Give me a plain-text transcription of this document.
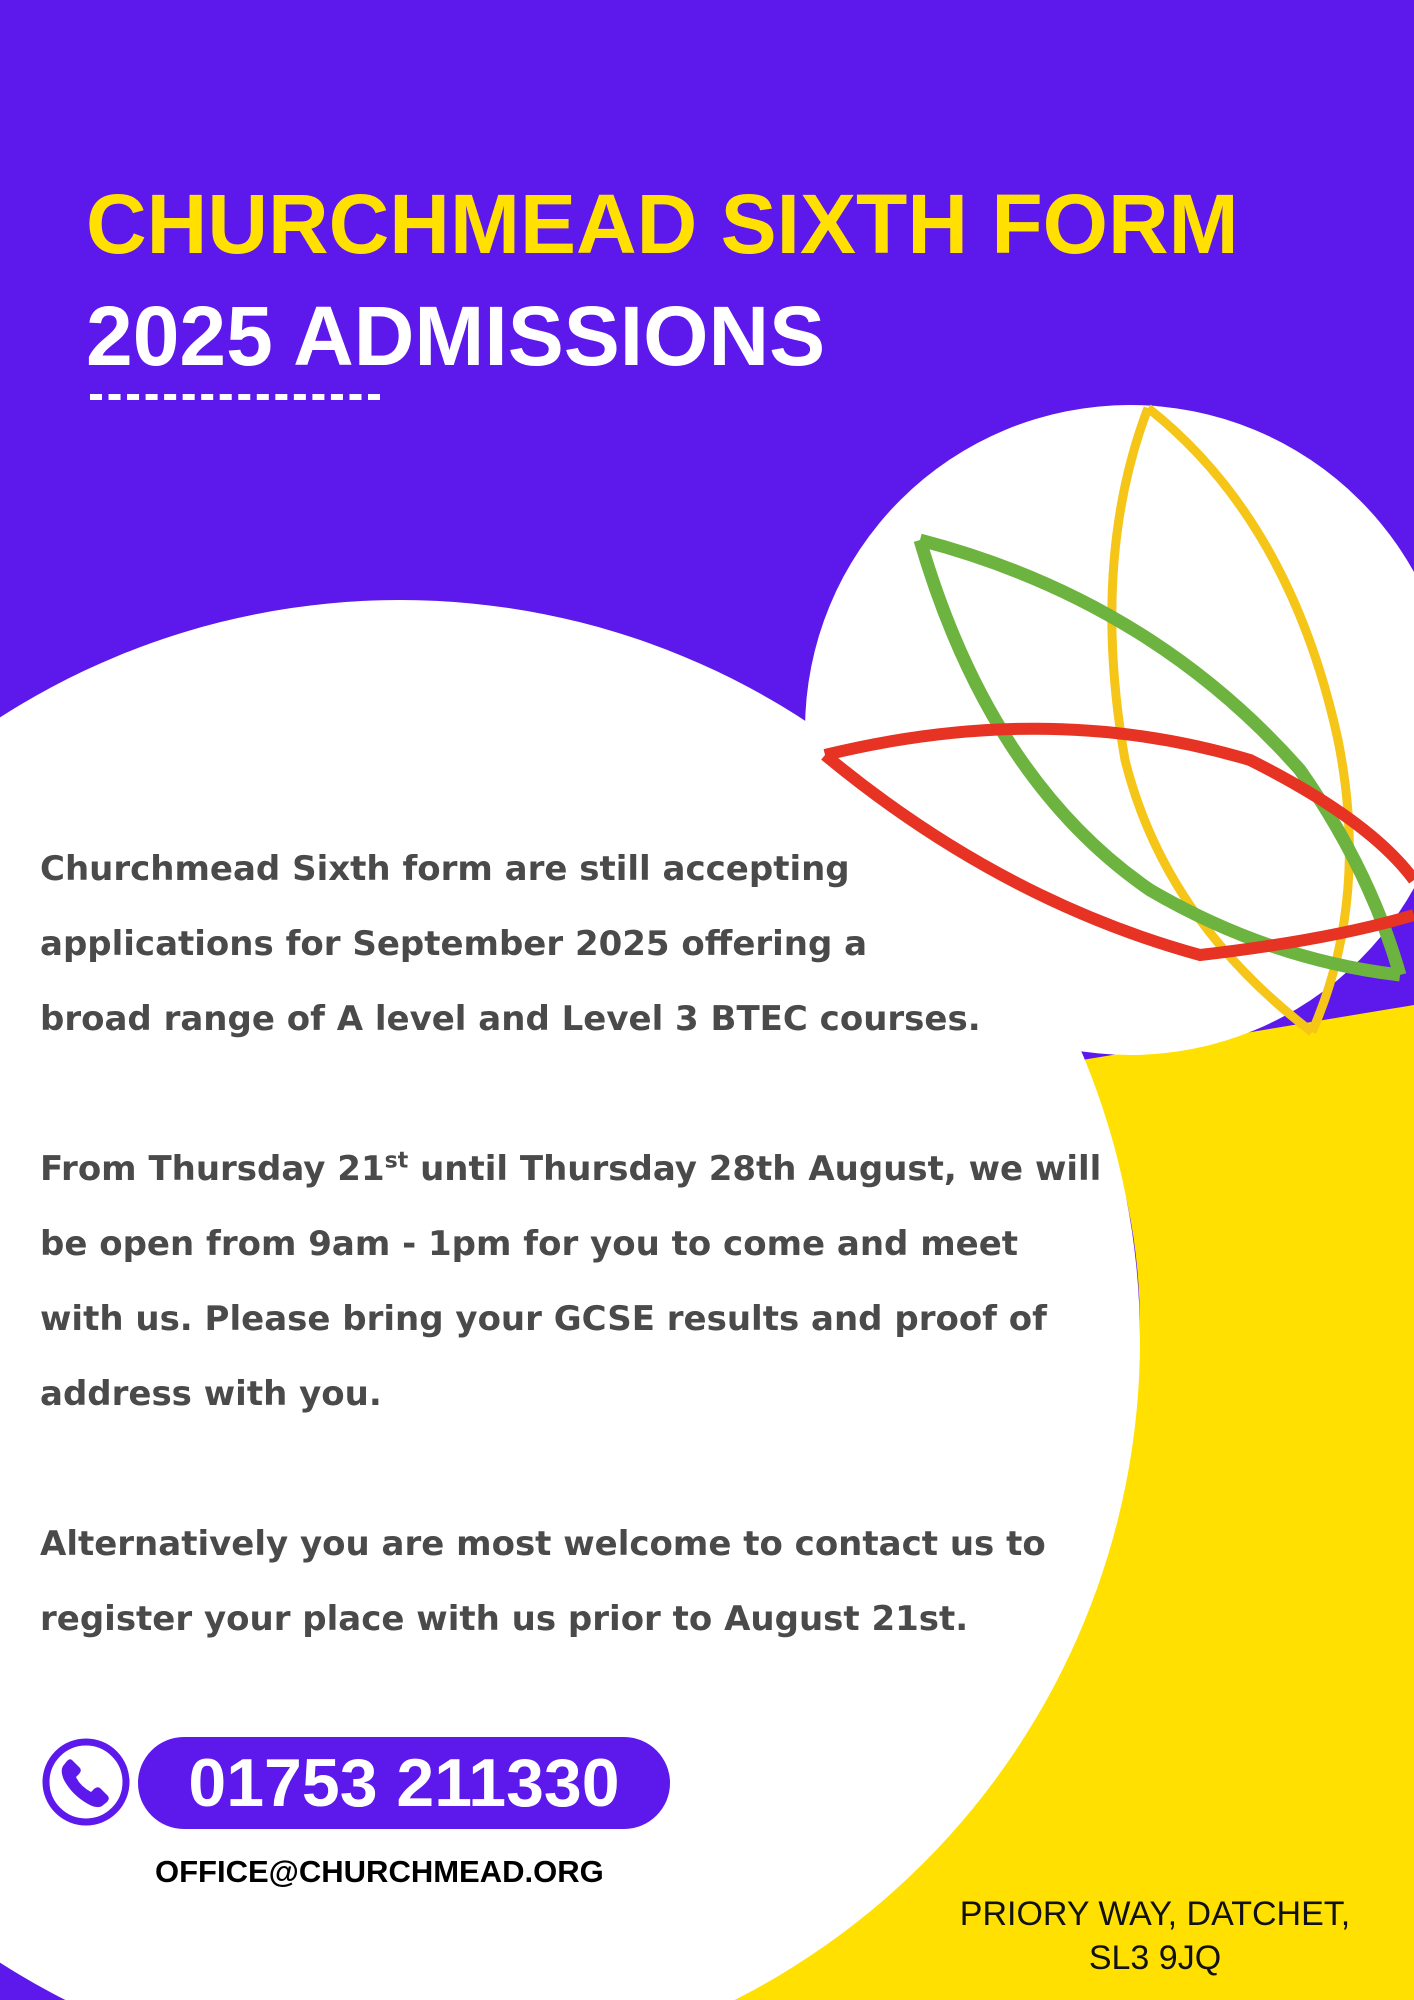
CHURCHMEAD SIXTH FORM
2025 ADMISSIONS

Churchmead Sixth form are still accepting
applications for September 2025 offering a
broad range of A level and Level 3 BTEC courses.

From Thursday 21st until Thursday 28th August, we will
be open from 9am - 1pm for you to come and meet
with us. Please bring your GCSE results and proof of
address with you.

Alternatively you are most welcome to contact us to
register your place with us prior to August 21st.

01753 211330
OFFICE@CHURCHMEAD.ORG
PRIORY WAY, DATCHET,
SL3 9JQ
